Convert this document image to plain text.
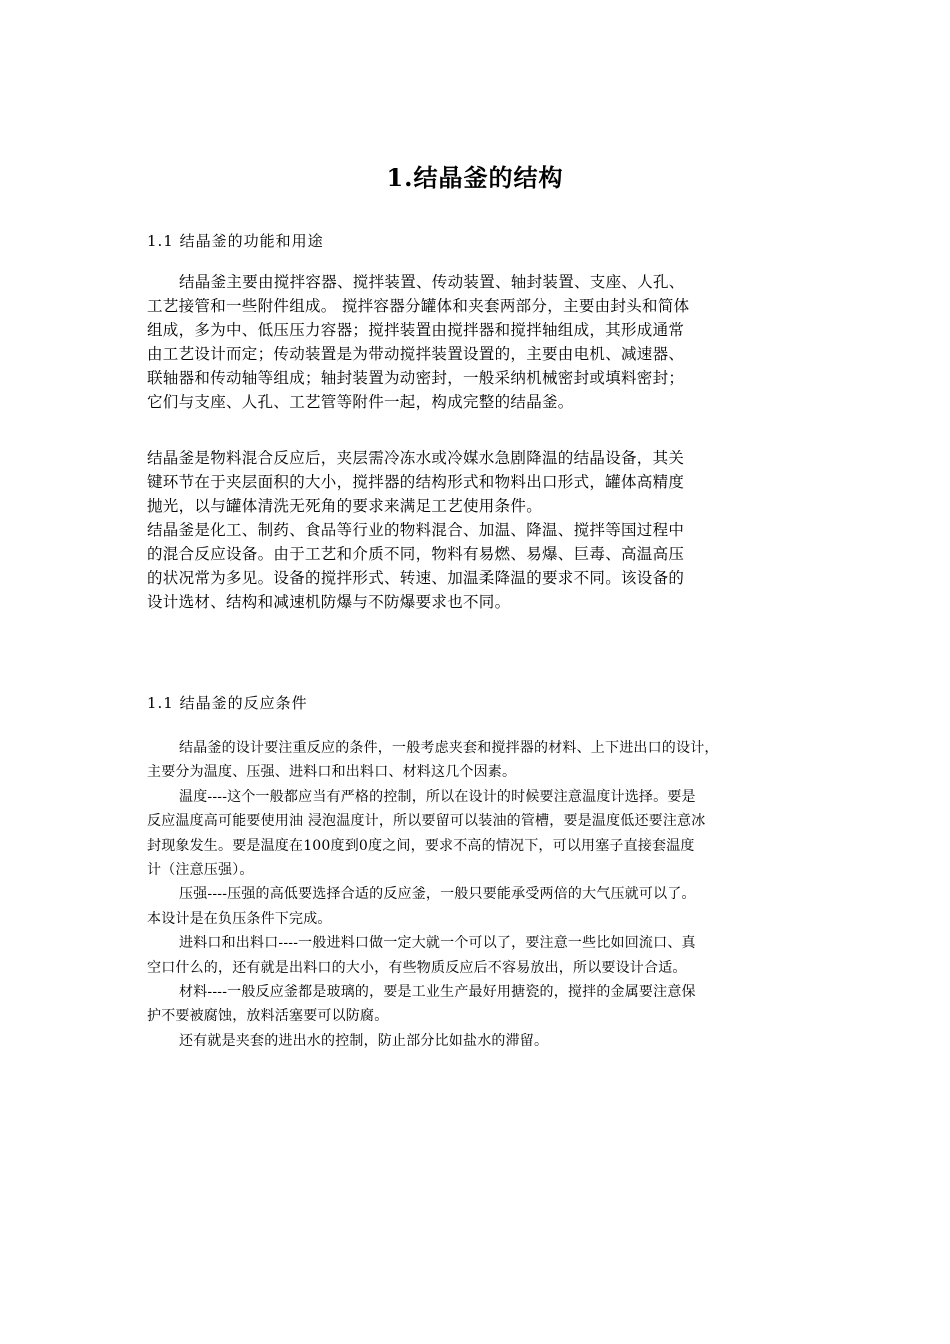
1.结晶釜的结构
1.1 结晶釜的功能和用途
结晶釜主要由搅拌容器、搅拌装置、传动装置、轴封装置、支座、人孔、
工艺接管和一些附件组成。 搅拌容器分罐体和夹套两部分，主要由封头和简体
组成，多为中、低压压力容器；搅拌装置由搅拌器和搅拌轴组成，其形成通常
由工艺设计而定；传动装置是为带动搅拌装置设置的，主要由电机、减速器、
联轴器和传动轴等组成；轴封装置为动密封，一般采纳机械密封或填料密封；
它们与支座、人孔、工艺管等附件一起，构成完整的结晶釜。
结晶釜是物料混合反应后，夹层需冷冻水或冷媒水急剧降温的结晶设备，其关
键环节在于夹层面积的大小，搅拌器的结构形式和物料出口形式，罐体高精度
抛光，以与罐体清洗无死角的要求来满足工艺使用条件。
结晶釜是化工、制药、食品等行业的物料混合、加温、降温、搅拌等国过程中
的混合反应设备。由于工艺和介质不同，物料有易燃、易爆、巨毒、高温高压
的状况常为多见。设备的搅拌形式、转速、加温柔降温的要求不同。该设备的
设计选材、结构和减速机防爆与不防爆要求也不同。
1.1 结晶釜的反应条件
结晶釜的设计要注重反应的条件，一般考虑夹套和搅拌器的材料、上下进出口的设计，
主要分为温度、压强、进料口和出料口、材料这几个因素。
温度----这个一般都应当有严格的控制，所以在设计的时候要注意温度计选择。要是
反应温度高可能要使用油 浸泡温度计，所以要留可以装油的管槽，要是温度低还要注意冰
封现象发生。要是温度在100度到0度之间，要求不高的情况下，可以用塞子直接套温度
计（注意压强）。
压强----压强的高低要选择合适的反应釜，一般只要能承受两倍的大气压就可以了。
本设计是在负压条件下完成。
进料口和出料口----一般进料口做一定大就一个可以了，要注意一些比如回流口、真
空口什么的，还有就是出料口的大小，有些物质反应后不容易放出，所以要设计合适。
材料----一般反应釜都是玻璃的，要是工业生产最好用搪瓷的，搅拌的金属要注意保
护不要被腐蚀，放料活塞要可以防腐。
还有就是夹套的进出水的控制，防止部分比如盐水的滞留。
